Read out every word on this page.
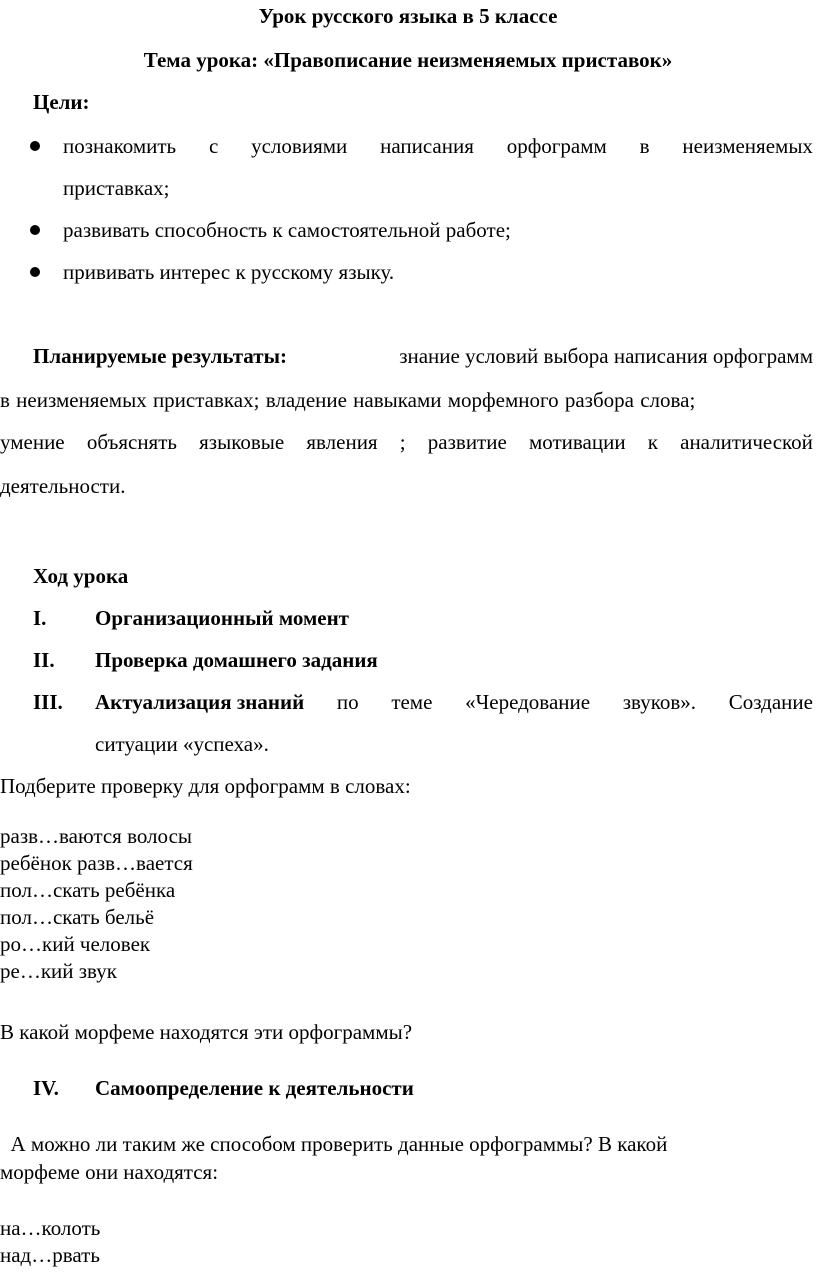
Урок русского языка в 5 классе
Тема урока: «Правописание неизменяемых приставок»
Цели:
познакомить с условиями написания орфограмм в неизменяемых
приставках;
развивать способность к самостоятельной работе;
прививать интерес к русскому языку.
Планируемые результаты:	знание условий выбора написания орфограмм
в неизменяемых приставках; владение навыками морфемного разбора слова;
умение объяснять языковые явления ; развитие мотивации к аналитической
деятельности.
Ход урока
I. Организационный момент
II. Проверка домашнего задания
III. Актуализация знаний по теме «Чередование звуков». Создание
ситуации «успеха».
Подберите проверку для орфограмм в словах:
разв…ваются волосы
ребёнок разв…вается
пол…скать ребёнка
пол…скать бельё
ро…кий человек
ре…кий звук
В какой морфеме находятся эти орфограммы?
IV. Самоопределение к деятельности
А можно ли таким же способом проверить данные орфограммы? В какой
морфеме они находятся:
на…колоть
над…рвать
